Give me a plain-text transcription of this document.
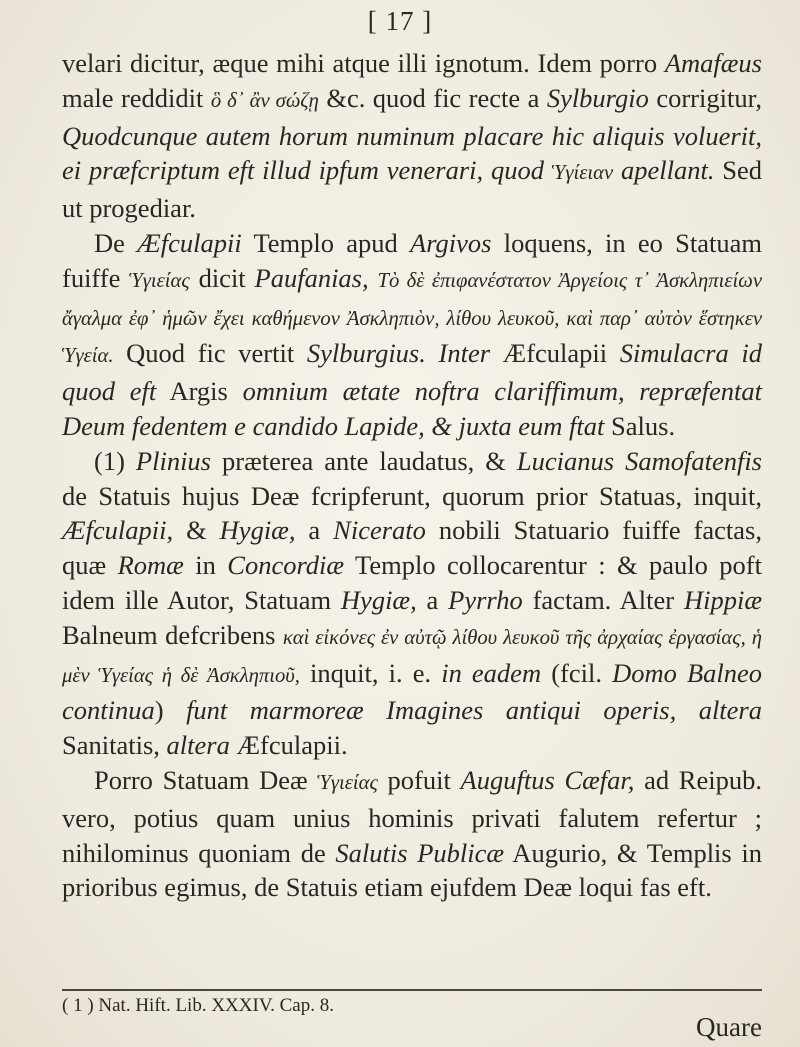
[ 17 ]

velari dicitur, æque mihi atque illi ignotum. Idem porro Amafæus male reddidit ὃ δ᾽ ἂν σώζῃ &c. quod fic recte a Sylburgio corrigitur, Quodcunque autem horum numinum placare hic aliquis voluerit, ei præfcriptum eft illud ipfum venerari, quod Ὑγίειαν apellant. Sed ut progediar.

De Æfculapii Templo apud Argivos loquens, in eo Statuam fuiffe Ὑγιείας dicit Paufanias, Τὸ δὲ ἐπιφανέστατον Ἀργείοις τ᾽ Ἀσκληπιείων ἄγαλμα ἐφ᾽ ἡμῶν ἔχει καθήμενον Ἀσκληπιὸν, λίθου λευκοῦ, καὶ παρ᾽ αὐτὸν ἕστηκεν Ὑγεία. Quod fic vertit Sylburgius. Inter Æfculapii Simulacra id quod eft Argis omnium ætate noftra clariffimum, repræfentat Deum fedentem e candido Lapide, & juxta eum ftat Salus.

(1) Plinius præterea ante laudatus, & Lucianus Samofatenfis de Statuis hujus Deæ fcripferunt, quorum prior Statuas, inquit, Æfculapii, & Hygiæ, a Nicerato nobili Statuario fuiffe factas, quæ Romæ in Concordiæ Templo collocarentur : & paulo poft idem ille Autor, Statuam Hygiæ, a Pyrrho factam. Alter Hippiæ Balneum defcribens καὶ εἰκόνες ἐν αὐτῷ λίθου λευκοῦ τῆς ἀρχαίας ἐργασίας, ἡ μὲν Ὑγείας ἡ δὲ Ἀσκληπιοῦ, inquit, i. e. in eadem (fcil. Domo Balneo continua) funt marmoreæ Imagines antiqui operis, altera Sanitatis, altera Æfculapii.

Porro Statuam Deæ Ὑγιείας pofuit Auguftus Cæfar, ad Reipub. vero, potius quam unius hominis privati falutem refertur ; nihilominus quoniam de Salutis Publicæ Augurio, & Templis in prioribus egimus, de Statuis etiam ejufdem Deæ loqui fas eft.

( 1 ) Nat. Hift. Lib. XXXIV. Cap. 8.
Quare
